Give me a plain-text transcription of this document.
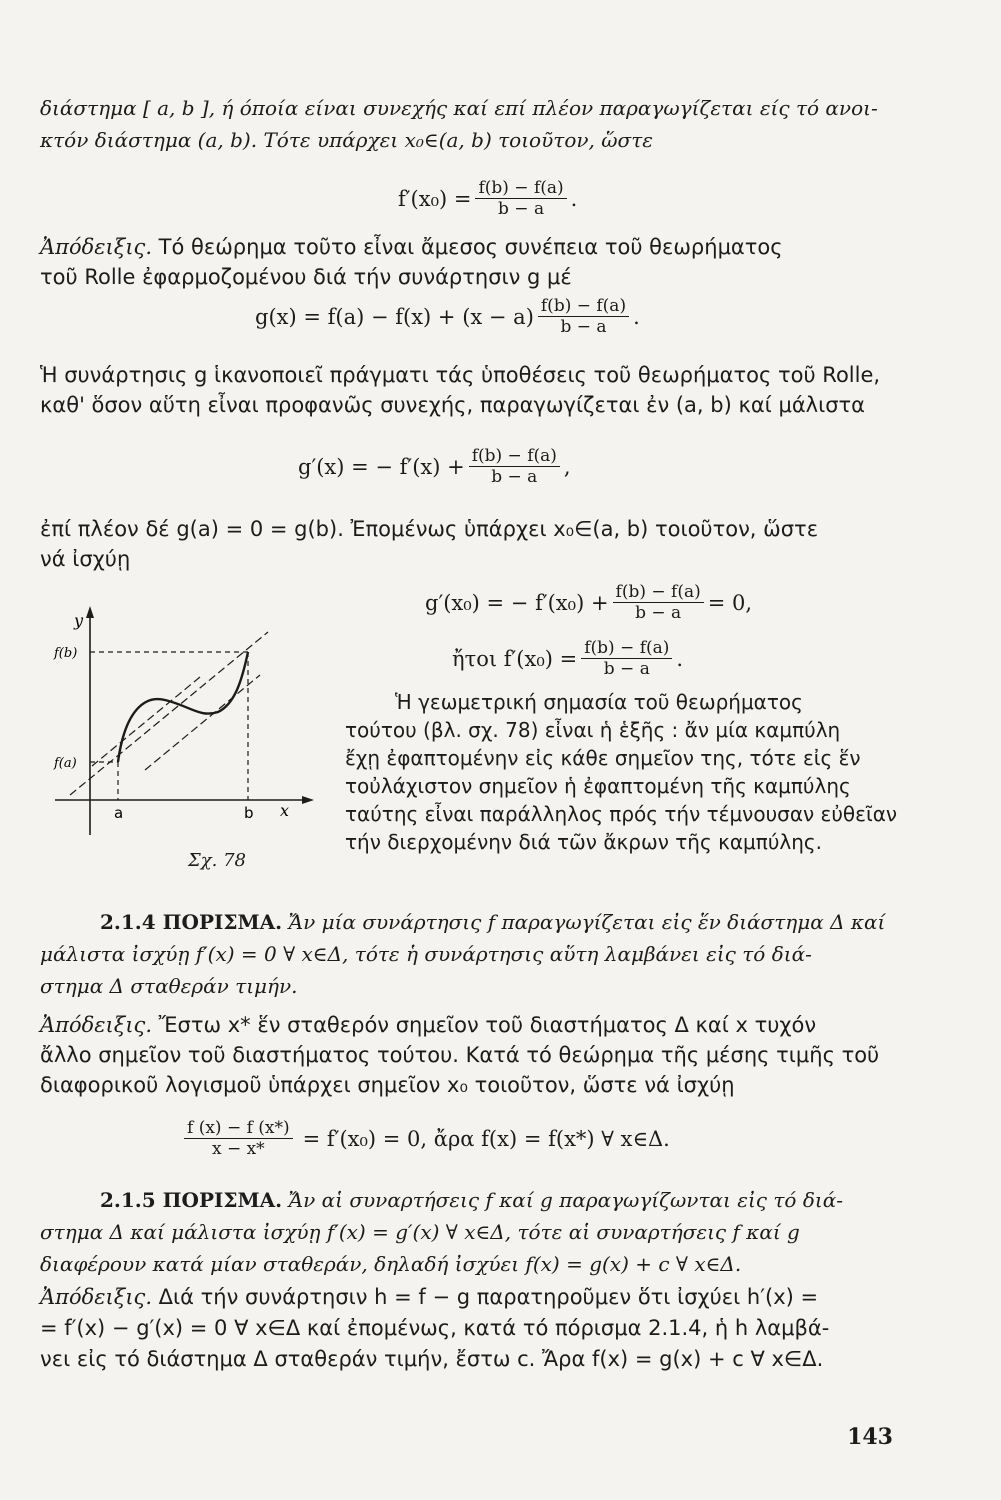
διάστημα [ a, b ], ή όποία είναι συνεχής καί επί πλέον παραγωγίζεται είς τό ανοι-
κτόν διάστημα (a, b). Τότε υπάρχει x₀∈(a, b) τοιοῦτον, ὥστε
$f'(x_0) = \frac{f(b) - f(a)}{b - a}$ .
Ἀπόδειξις. Τό θεώρημα τοῦτο εἶναι ἄμεσος συνέπεια τοῦ θεωρήματος
τοῦ Rolle ἐφαρμοζομένου διά τήν συνάρτησιν g μέ
$g(x) = f(a) - f(x) + (x - a) \frac{f(b) - f(a)}{b - a}$ .
Ἡ συνάρτησις g ἱκανοποιεῖ πράγματι τάς ὑποθέσεις τοῦ θεωρήματος τοῦ Rolle,
καθ' ὅσον αὕτη εἶναι προφανῶς συνεχής, παραγωγίζεται ἐν (a, b) καί μάλιστα
g′(x) = − $f'(x) + \frac{f(b) - f(a)}{b - a}$ ,
ἐπί πλέον δέ g(a) = 0 = g(b). Ἐπομένως ὑπάρχει x₀∈(a, b) τοιοῦτον, ὥστε
νά ἰσχύῃ
g′(x₀) = − $f'(x_0) + \frac{f(b) - f(a)}{b - a} = 0$,
ἤτοι $f'(x_0) = \frac{f(b) - f(a)}{b - a}$ .
Ἡ γεωμετρική σημασία τοῦ θεωρήματος
τούτου (βλ. σχ. 78) εἶναι ἡ ἑξῆς : ἄν μία καμπύλη
ἔχῃ ἐφαπτομένην εἰς κάθε σημεῖον της, τότε εἰς ἕν
τοὐλάχιστον σημεῖον ἡ ἐφαπτομένη τῆς καμπύλης
ταύτης εἶναι παράλληλος πρός τήν τέμνουσαν εὐθεῖαν
τήν διερχομένην διά τῶν ἄκρων τῆς καμπύλης.
y
x
f(b)
f(a)
a	b
Σχ. 78
2.1.4 ΠΟΡΙΣΜΑ. Ἄν μία συνάρτησις f παραγωγίζεται εἰς ἕν διάστημα Δ καί
μάλιστα ἰσχύῃ f′(x) = 0 ∀ x∈Δ, τότε ἡ συνάρτησις αὕτη λαμβάνει εἰς τό διά-
στημα Δ σταθεράν τιμήν.
Ἀπόδειξις. Ἔστω x* ἕν σταθερόν σημεῖον τοῦ διαστήματος Δ καί x τυχόν
ἄλλο σημεῖον τοῦ διαστήματος τούτου. Κατά τό θεώρημα τῆς μέσης τιμῆς τοῦ
διαφορικοῦ λογισμοῦ ὑπάρχει σημεῖον x₀ τοιοῦτον, ὥστε νά ἰσχύῃ
$\frac{f (x) - f (x*)}{x - x*} = f'(x_0) = 0$, ἄρα f(x) = f(x*) ∀ x∈Δ.
2.1.5 ΠΟΡΙΣΜΑ. Ἄν αἱ συναρτήσεις f καί g παραγωγίζωνται εἰς τό διά-
στημα Δ καί μάλιστα ἰσχύῃ f′(x) = g′(x) ∀ x∈Δ, τότε αἱ συναρτήσεις f καί g
διαφέρουν κατά μίαν σταθεράν, δηλαδή ἰσχύει f(x) = g(x) + c ∀ x∈Δ.
Ἀπόδειξις. Διά τήν συνάρτησιν h = f − g παρατηροῦμεν ὅτι ἰσχύει h′(x) =
= f′(x) − g′(x) = 0 ∀ x∈Δ καί ἐπομένως, κατά τό πόρισμα 2.1.4, ἡ h λαμβά-
νει εἰς τό διάστημα Δ σταθεράν τιμήν, ἔστω c. Ἄρα f(x) = g(x) + c ∀ x∈Δ.
143
